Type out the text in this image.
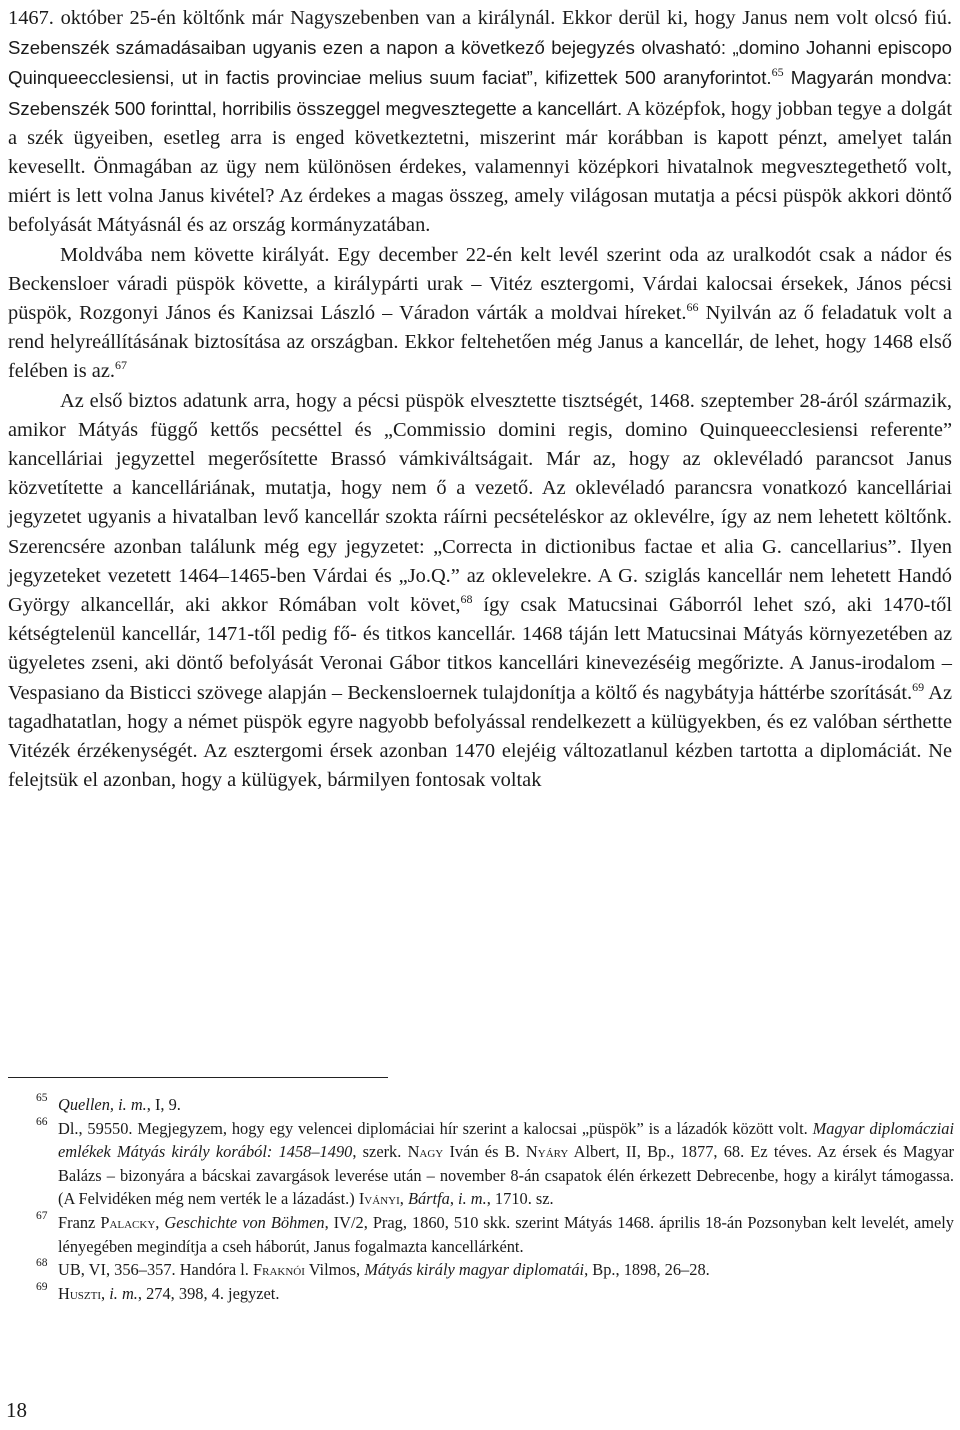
1467. október 25-én költőnk már Nagyszebenben van a királynál. Ekkor derül ki, hogy Janus nem volt olcsó fiú. Szebenszék számadásaiban ugyanis ezen a napon a következő bejegyzés olvasható: „domino Johanni episcopo Quinqueecclesiensi, ut in factis provinciae melius suum faciat”, kifizettek 500 aranyforintot.$^{65}$ Magyarán mondva: Szebenszék 500 forinttal, horribilis összeggel megvesztegette a kancellárt. A középfok, hogy jobban tegye a dolgát a szék ügyeiben, esetleg arra is enged következtetni, miszerint már korábban is kapott pénzt, amelyet talán kevesellt. Önmagában az ügy nem különösen érdekes, valamennyi középkori hivatalnok megvesztegethető volt, miért is lett volna Janus kivétel? Az érdekes a magas összeg, amely világosan mutatja a pécsi püspök akkori döntő befolyását Mátyásnál és az ország kormányzatában.

Moldvába nem követte királyát. Egy december 22-én kelt levél szerint oda az uralkodót csak a nádor és Beckensloer váradi püspök követte, a királypárti urak – Vitéz esztergomi, Várdai kalocsai érsekek, János pécsi püspök, Rozgonyi János és Kanizsai László – Váradon várták a moldvai híreket.$^{66}$ Nyilván az ő feladatuk volt a rend helyreállításának biztosítása az országban. Ekkor feltehetően még Janus a kancellár, de lehet, hogy 1468 első felében is az.$^{67}$

Az első biztos adatunk arra, hogy a pécsi püspök elvesztette tisztségét, 1468. szeptember 28-áról származik, amikor Mátyás függő kettős pecséttel és „Commissio domini regis, domino Quinqueecclesiensi referente” kancelláriai jegyzettel megerősítette Brassó vámkiváltságait. Már az, hogy az oklevéladó parancsot Janus közvetítette a kancelláriának, mutatja, hogy nem ő a vezető. Az oklevéladó parancsra vonatkozó kancelláriai jegyzetet ugyanis a hivatalban levő kancellár szokta ráírni pecsételéskor az oklevélre, így az nem lehetett költőnk. Szerencsére azonban találunk még egy jegyzetet: „Correcta in dictionibus factae et alia G. cancellarius”. Ilyen jegyzeteket vezetett 1464–1465-ben Várdai és „Jo.Q.” az oklevelekre. A G. sziglás kancellár nem lehetett Handó György alkancellár, aki akkor Rómában volt követ,$^{68}$ így csak Matucsinai Gáborról lehet szó, aki 1470-től kétségtelenül kancellár, 1471-től pedig fő- és titkos kancellár. 1468 táján lett Matucsinai Mátyás környezetében az ügyeletes zseni, aki döntő befolyását Veronai Gábor titkos kancellári kinevezéséig megőrizte. A Janus-irodalom – Vespasiano da Bisticci szövege alapján – Beckensloernek tulajdonítja a költő és nagybátyja háttérbe szorítását.$^{69}$ Az tagadhatatlan, hogy a német püspök egyre nagyobb befolyással rendelkezett a külügyekben, és ez valóban sérthette Vitézék érzékenységét. Az esztergomi érsek azonban 1470 elejéig változatlanul kézben tartotta a diplomáciát. Ne felejtsük el azonban, hogy a külügyek, bármilyen fontosak voltak

65 Quellen, i. m., I, 9.
66 Dl., 59550. Megjegyzem, hogy egy velencei diplomáciai hír szerint a kalocsai „püspök” is a lázadók között volt. Magyar diplomácziai emlékek Mátyás király korából: 1458–1490, szerk. Nagy Iván és B. Nyáry Albert, II, Bp., 1877, 68. Ez téves. Az érsek és Magyar Balázs – bizonyára a bácskai zavargások leverése után – november 8-án csapatok élén érkezett Debrecenbe, hogy a királyt támogassa. (A Felvidéken még nem verték le a lázadást.) Iványi, Bártfa, i. m., 1710. sz.
67 Franz Palacky, Geschichte von Böhmen, IV/2, Prag, 1860, 510 skk. szerint Mátyás 1468. április 18-án Pozsonyban kelt levelét, amely lényegében megindítja a cseh háborút, Janus fogalmazta kancellárként.
68 UB, VI, 356–357. Handóra l. Fraknói Vilmos, Mátyás király magyar diplomatái, Bp., 1898, 26–28.
69 Huszti, i. m., 274, 398, 4. jegyzet.
18
